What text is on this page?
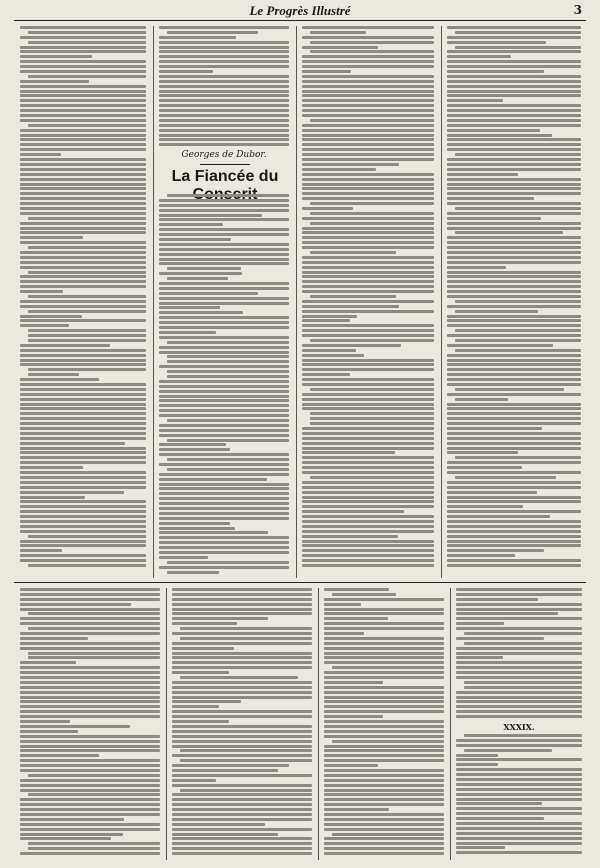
Le Progrès Illustré	3
Georges de Dubor.
La Fiancée du
XXXIX.
